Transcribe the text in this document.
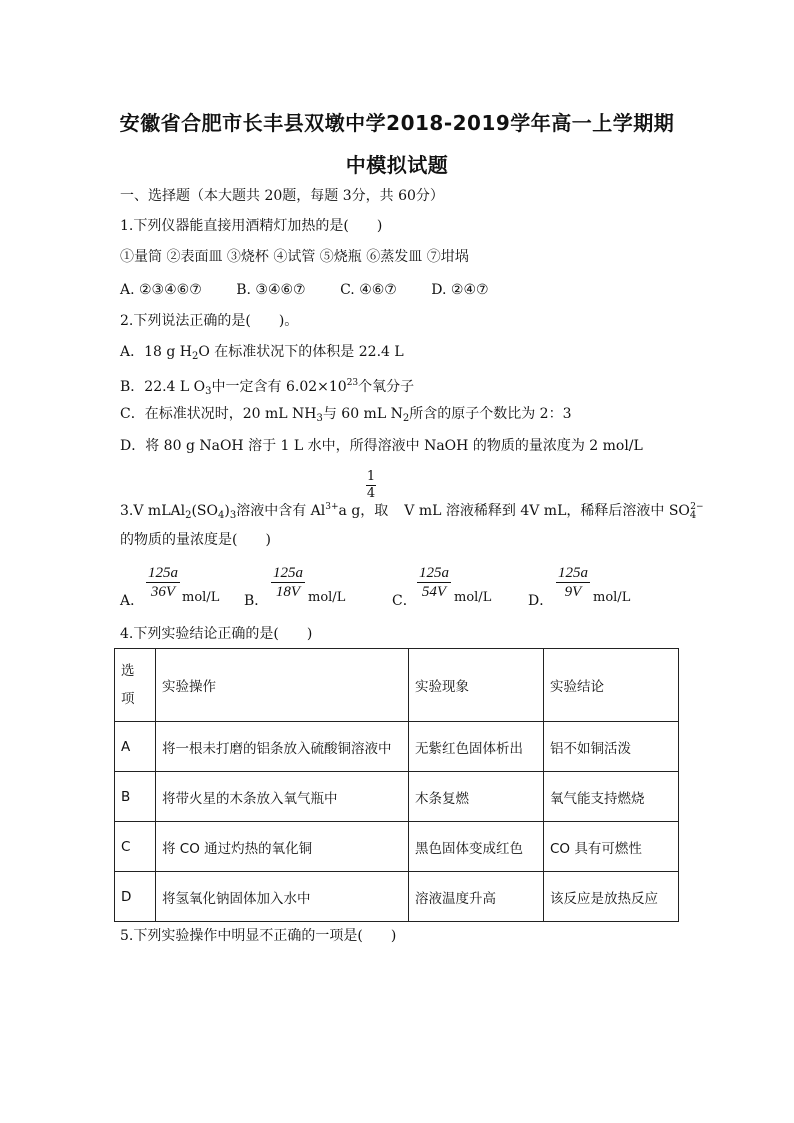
安徽省合肥市长丰县双墩中学2018-2019学年高一上学期期
中模拟试题
一、选择题（本大题共 20题，每题 3分，共 60分）
1.下列仪器能直接用酒精灯加热的是(　　)
①量筒 ②表面皿 ③烧杯 ④试管 ⑤烧瓶 ⑥蒸发皿 ⑦坩埚
A. ②③④⑥⑦ B. ③④⑥⑦ C. ④⑥⑦ D. ②④⑦
2.下列说法正确的是(　　)。
A．18 g $H_2O$ 在标准状况下的体积是 22.4 L
B．22.4 L $O_3$中一定含有 $6.02\times 10^{23}$个氧分子
C．在标准状况时，20 mL $NH_3$与 60 mL $N_2$所含的原子个数比为 2：3
D．将 80 g NaOH 溶于 1 L 水中，所得溶液中 NaOH 的物质的量浓度为 2 mol/L
$\frac{1}{4}$
3.V $mLAl_2(SO_4)_3$溶液中含有 $Al^{3+}a$ g，取 V mL 溶液稀释到 4V mL，稀释后溶液中 $SO_4^{2-}$
的物质的量浓度是(　　)
A． $\frac{125a}{36V} mol/L$ B． $\frac{125a}{18V} mol/L$	C． $\frac{125a}{54V} mol/L$	D． $\frac{125a}{9V} mol/L$
4.下列实验结论正确的是(　　)
选
项	实验操作	实验现象	实验结论
A	将一根未打磨的铝条放入硫酸铜溶液中	无紫红色固体析出	铝不如铜活泼
B	将带火星的木条放入氧气瓶中	木条复燃	氧气能支持燃烧
C	将 CO 通过灼热的氧化铜	黑色固体变成红色	CO 具有可燃性
D	将氢氧化钠固体加入水中	溶液温度升高	该反应是放热反应
5.下列实验操作中明显不正确的一项是(　　)
